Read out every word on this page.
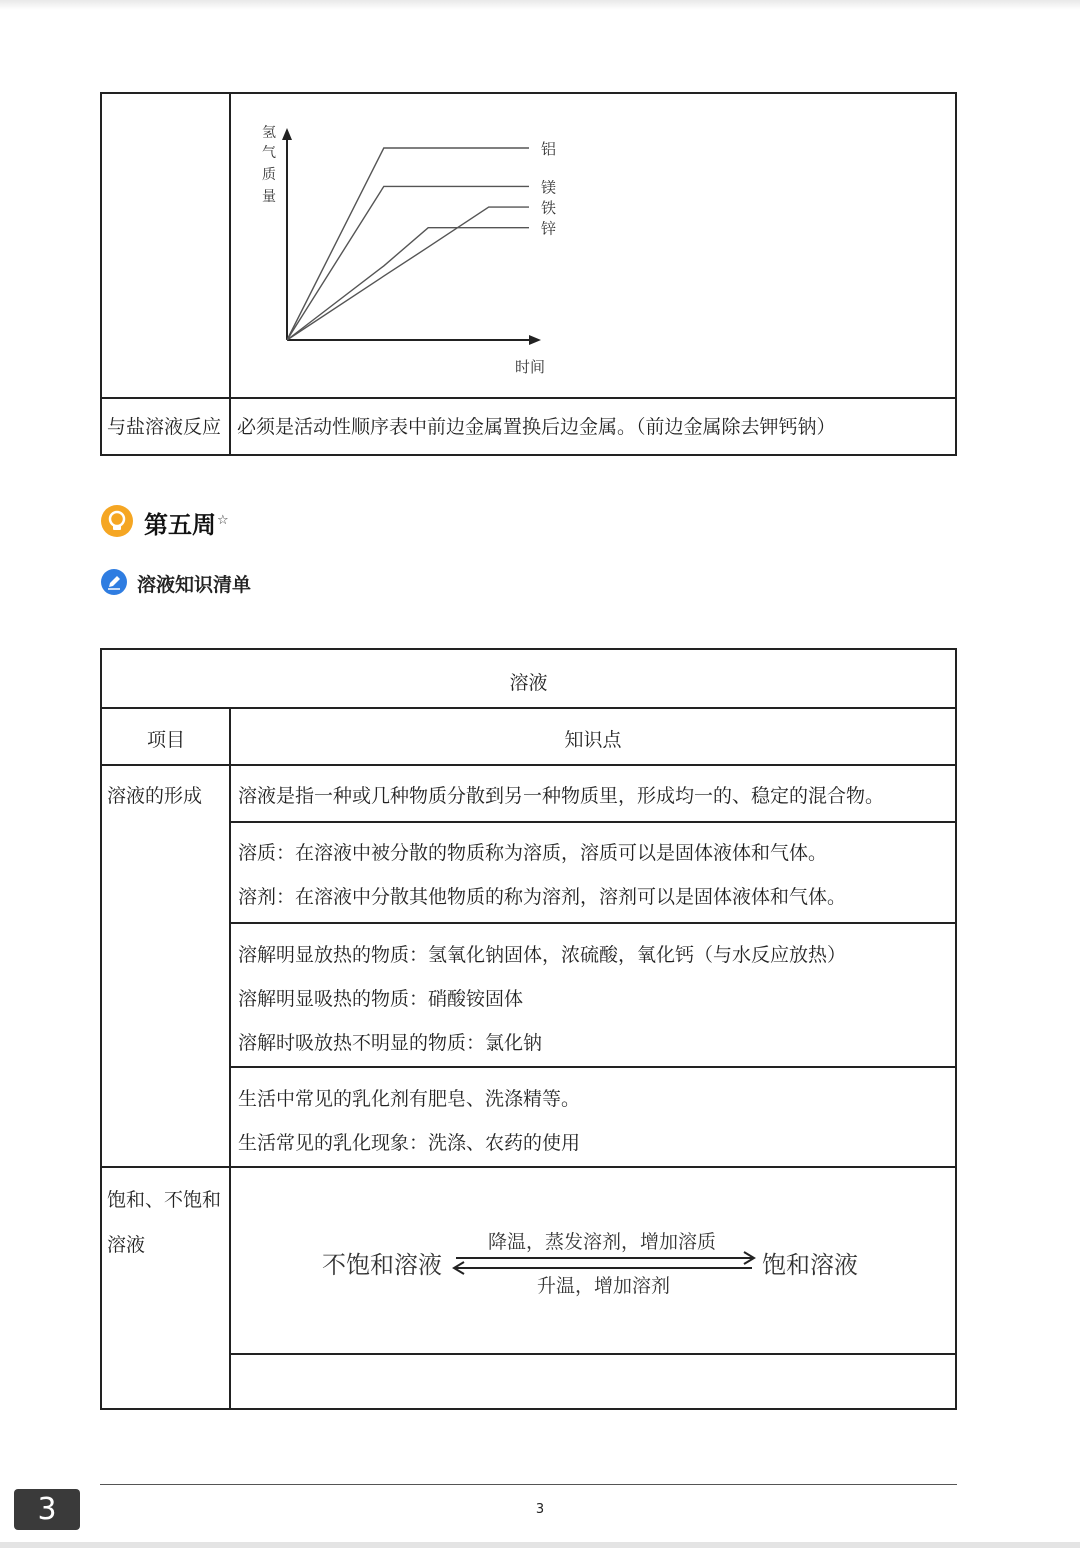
氢
气
质
量
时间
铝
镁
铁
锌
与盐溶液反应 必须是活动性顺序表中前边金属置换后边金属。（前边金属除去钾钙钠）
第五周 ☆
溶液知识清单
溶液
项目	知识点
溶液的形成 溶液是指一种或几种物质分散到另一种物质里，形成均一的、稳定的混合物。
溶质：在溶液中被分散的物质称为溶质，溶质可以是固体液体和气体。
溶剂：在溶液中分散其他物质的称为溶剂，溶剂可以是固体液体和气体。
溶解明显放热的物质：氢氧化钠固体，浓硫酸，氧化钙（与水反应放热）
溶解明显吸热的物质：硝酸铵固体
溶解时吸放热不明显的物质：氯化钠
生活中常见的乳化剂有肥皂、洗涤精等。
生活常见的乳化现象：洗涤、农药的使用
饱和、不饱和
溶液
不饱和溶液
降温，蒸发溶剂，增加溶质
升温，增加溶剂
饱和溶液
3
3
